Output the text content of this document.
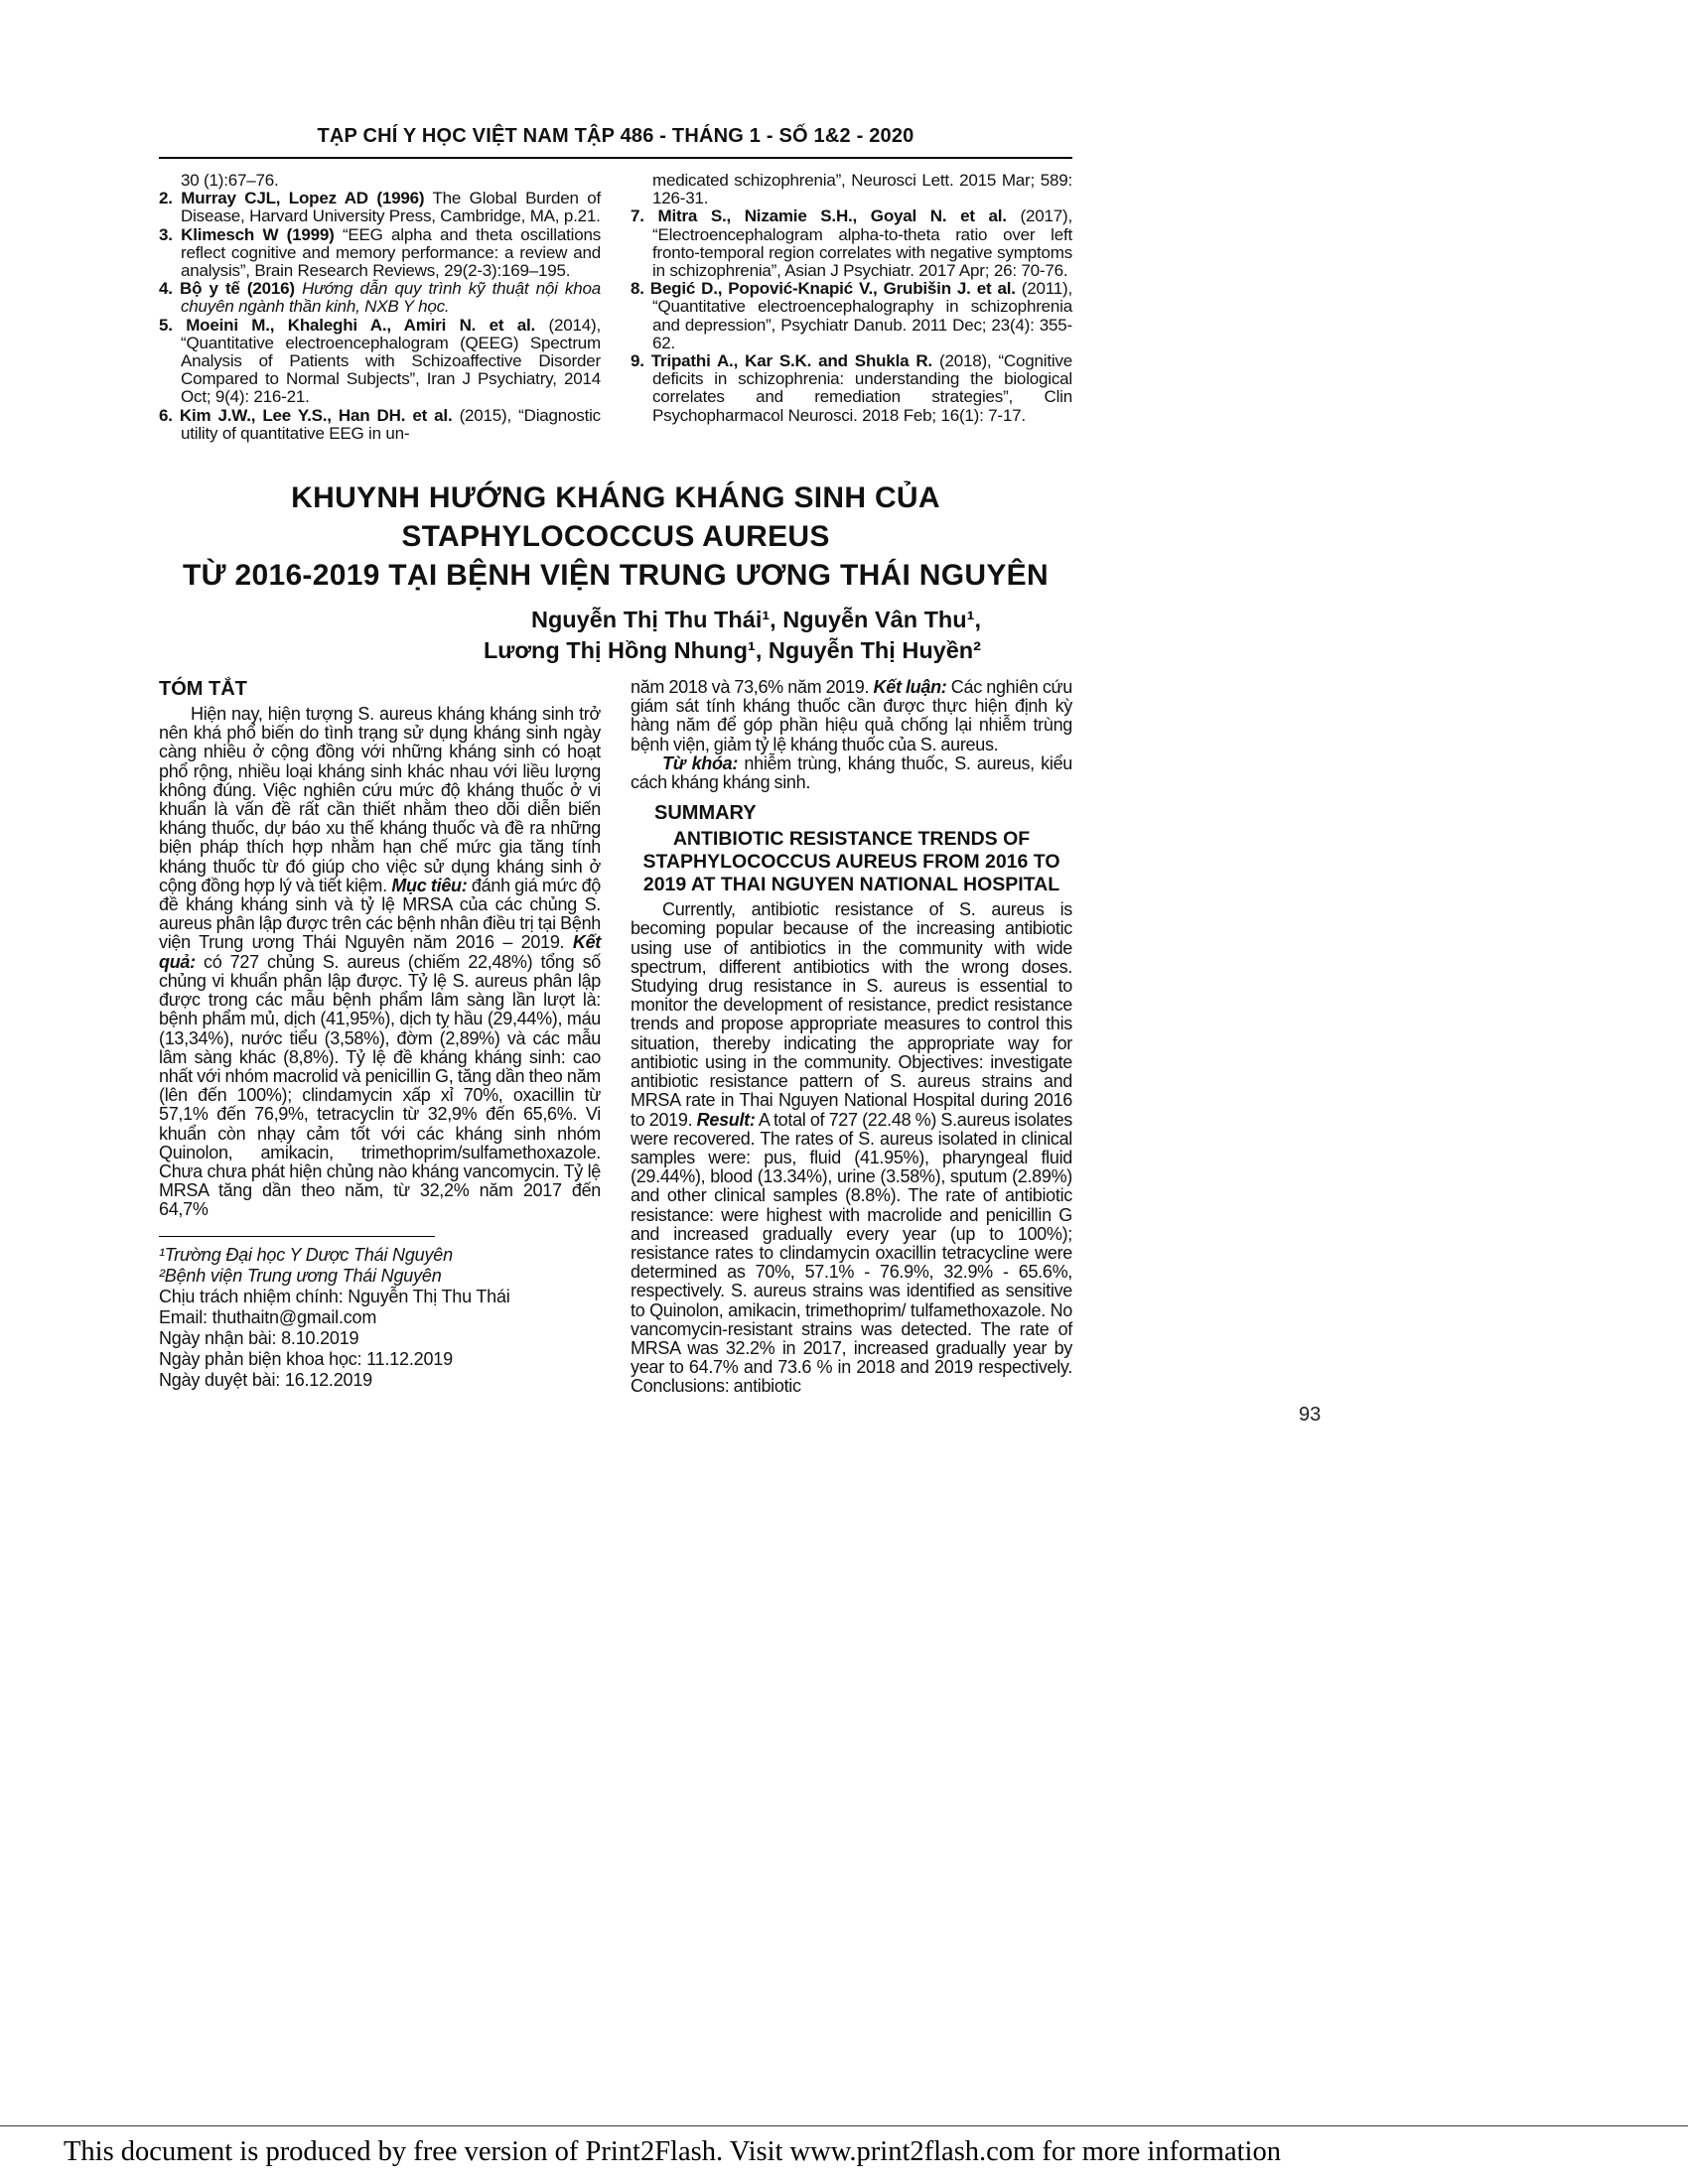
TẠP CHÍ Y HỌC VIỆT NAM TẬP 486 - THÁNG 1 - SỐ 1&2 - 2020

30 (1):67–76.

2. Murray CJL, Lopez AD (1996) The Global Burden of Disease, Harvard University Press, Cambridge, MA, p.21.

3. Klimesch W (1999) “EEG alpha and theta oscillations reflect cognitive and memory performance: a review and analysis”, Brain Research Reviews, 29(2-3):169–195.

4. Bộ y tế (2016) Hướng dẫn quy trình kỹ thuật nội khoa chuyên ngành thần kinh, NXB Y học.

5. Moeini M., Khaleghi A., Amiri N. et al. (2014), “Quantitative electroencephalogram (QEEG) Spectrum Analysis of Patients with Schizoaffective Disorder Compared to Normal Subjects”, Iran J Psychiatry, 2014 Oct; 9(4): 216-21.

6. Kim J.W., Lee Y.S., Han DH. et al. (2015), “Diagnostic utility of quantitative EEG in un-

medicated schizophrenia”, Neurosci Lett. 2015 Mar; 589: 126-31.

7. Mitra S., Nizamie S.H., Goyal N. et al. (2017), “Electroencephalogram alpha-to-theta ratio over left fronto-temporal region correlates with negative symptoms in schizophrenia”, Asian J Psychiatr. 2017 Apr; 26: 70-76.

8. Begić D., Popović-Knapić V., Grubišin J. et al. (2011), “Quantitative electroencephalography in schizophrenia and depression”, Psychiatr Danub. 2011 Dec; 23(4): 355-62.

9. Tripathi A., Kar S.K. and Shukla R. (2018), “Cognitive deficits in schizophrenia: understanding the biological correlates and remediation strategies”, Clin Psychopharmacol Neurosci. 2018 Feb; 16(1): 7-17.

KHUYNH HƯỚNG KHÁNG KHÁNG SINH CỦA STAPHYLOCOCCUS AUREUS
TỪ 2016-2019 TẠI BỆNH VIỆN TRUNG ƯƠNG THÁI NGUYÊN
Nguyễn Thị Thu Thái¹, Nguyễn Vân Thu¹,
Lương Thị Hồng Nhung¹, Nguyễn Thị Huyền²
TÓM TẮT

Hiện nay, hiện tượng S. aureus kháng kháng sinh trở nên khá phổ biến do tình trạng sử dụng kháng sinh ngày càng nhiều ở cộng đồng với những kháng sinh có hoạt phổ rộng, nhiều loại kháng sinh khác nhau với liều lượng không đúng. Việc nghiên cứu mức độ kháng thuốc ở vi khuẩn là vấn đề rất cần thiết nhằm theo dõi diễn biến kháng thuốc, dự báo xu thế kháng thuốc và đề ra những biện pháp thích hợp nhằm hạn chế mức gia tăng tính kháng thuốc từ đó giúp cho việc sử dụng kháng sinh ở cộng đồng hợp lý và tiết kiệm. Mục tiêu: đánh giá mức độ đề kháng kháng sinh và tỷ lệ MRSA của các chủng S. aureus phân lập được trên các bệnh nhân điều trị tại Bệnh viện Trung ương Thái Nguyên năm 2016 – 2019. Kết quả: có 727 chủng S. aureus (chiếm 22,48%) tổng số chủng vi khuẩn phân lập được. Tỷ lệ S. aureus phân lập được trong các mẫu bệnh phẩm lâm sàng lần lượt là: bệnh phẩm mủ, dịch (41,95%), dịch tỵ hầu (29,44%), máu (13,34%), nước tiểu (3,58%), đờm (2,89%) và các mẫu lâm sàng khác (8,8%). Tỷ lệ đề kháng kháng sinh: cao nhất với nhóm macrolid và penicillin G, tăng dần theo năm (lên đến 100%); clindamycin xấp xỉ 70%, oxacillin từ 57,1% đến 76,9%, tetracyclin từ 32,9% đến 65,6%. Vi khuẩn còn nhạy cảm tốt với các kháng sinh nhóm Quinolon, amikacin, trimethoprim/sulfamethoxazole. Chưa chưa phát hiện chủng nào kháng vancomycin. Tỷ lệ MRSA tăng dần theo năm, từ 32,2% năm 2017 đến 64,7%

¹Trường Đại học Y Dược Thái Nguyên
²Bệnh viện Trung ương Thái Nguyên
Chịu trách nhiệm chính: Nguyễn Thị Thu Thái
Email: thuthaitn@gmail.com
Ngày nhận bài: 8.10.2019
Ngày phản biện khoa học: 11.12.2019
Ngày duyệt bài: 16.12.2019

năm 2018 và 73,6% năm 2019. Kết luận: Các nghiên cứu giám sát tính kháng thuốc cần được thực hiện định kỳ hàng năm để góp phần hiệu quả chống lại nhiễm trùng bệnh viện, giảm tỷ lệ kháng thuốc của S. aureus.

Từ khóa: nhiễm trùng, kháng thuốc, S. aureus, kiểu cách kháng kháng sinh.

SUMMARY
ANTIBIOTIC RESISTANCE TRENDS OF STAPHYLOCOCCUS AUREUS FROM 2016 TO 2019 AT THAI NGUYEN NATIONAL HOSPITAL

Currently, antibiotic resistance of S. aureus is becoming popular because of the increasing antibiotic using use of antibiotics in the community with wide spectrum, different antibiotics with the wrong doses. Studying drug resistance in S. aureus is essential to monitor the development of resistance, predict resistance trends and propose appropriate measures to control this situation, thereby indicating the appropriate way for antibiotic using in the community. Objectives: investigate antibiotic resistance pattern of S. aureus strains and MRSA rate in Thai Nguyen National Hospital during 2016 to 2019. Result: A total of 727 (22.48 %) S.aureus isolates were recovered. The rates of S. aureus isolated in clinical samples were: pus, fluid (41.95%), pharyngeal fluid (29.44%), blood (13.34%), urine (3.58%), sputum (2.89%) and other clinical samples (8.8%). The rate of antibiotic resistance: were highest with macrolide and penicillin G and increased gradually every year (up to 100%); resistance rates to clindamycin oxacillin tetracycline were determined as 70%, 57.1% - 76.9%, 32.9% - 65.6%, respectively. S. aureus strains was identified as sensitive to Quinolon, amikacin, trimethoprim/ tulfamethoxazole. No vancomycin-resistant strains was detected. The rate of MRSA was 32.2% in 2017, increased gradually year by year to 64.7% and 73.6 % in 2018 and 2019 respectively. Conclusions: antibiotic

93
This document is produced by free version of Print2Flash. Visit www.print2flash.com for more information
